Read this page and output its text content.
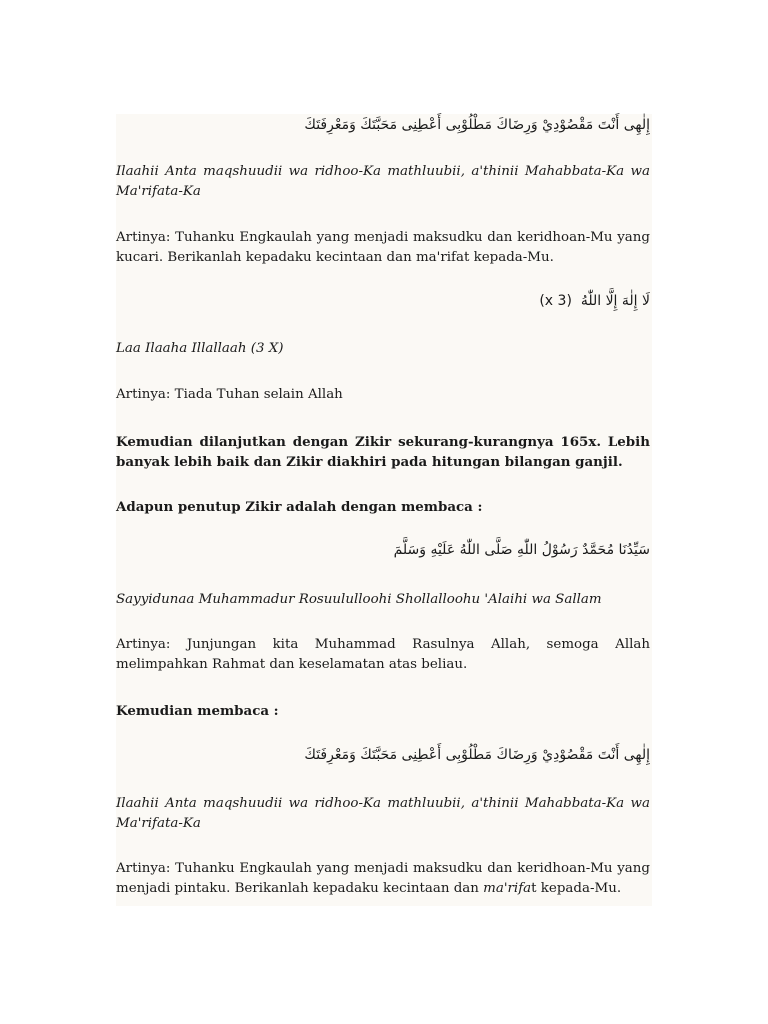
إِلٰهِى أَنْتَ مَقْصُوْدِيْ وَرِضَاكَ مَطْلُوْبِى أَعْطِنِى مَحَبَّتَكَ وَمَعْرِفَتَكَ

Ilaahii Anta maqshuudii wa ridhoo-Ka mathluubii, a'thinii Mahabbata-Ka wa Ma'rifata-Ka

Artinya: Tuhanku Engkaulah yang menjadi maksudku dan keridhoan-Mu yang kucari. Berikanlah kepadaku kecintaan dan ma'rifat kepada-Mu.

(x 3) لَا إِلٰهَ إِلَّا اللّٰهُ

Laa Ilaaha Illallaah (3 X)

Artinya: Tiada Tuhan selain Allah

Kemudian dilanjutkan dengan Zikir sekurang-kurangnya 165x. Lebih banyak lebih baik dan Zikir diakhiri pada hitungan bilangan ganjil.

Adapun penutup Zikir adalah dengan membaca :

سَيِّدُنَا مُحَمَّدٌ رَسُوْلُ اللّٰهِ صَلَّى اللّٰهُ عَلَيْهِ وَسَلَّمَ

Sayyidunaa Muhammadur Rosuululloohi Shollalloohu 'Alaihi wa Sallam

Artinya: Junjungan kita Muhammad Rasulnya Allah, semoga Allah melimpahkan Rahmat dan keselamatan atas beliau.

Kemudian membaca :

إِلٰهِى أَنْتَ مَقْصُوْدِيْ وَرِضَاكَ مَطْلُوْبِى أَعْطِنِى مَحَبَّتَكَ وَمَعْرِفَتَكَ

Ilaahii Anta maqshuudii wa ridhoo-Ka mathluubii, a'thinii Mahabbata-Ka wa Ma'rifata-Ka

Artinya: Tuhanku Engkaulah yang menjadi maksudku dan keridhoan-Mu yang menjadi pintaku. Berikanlah kepadaku kecintaan dan ma'rifat kepada-Mu.
